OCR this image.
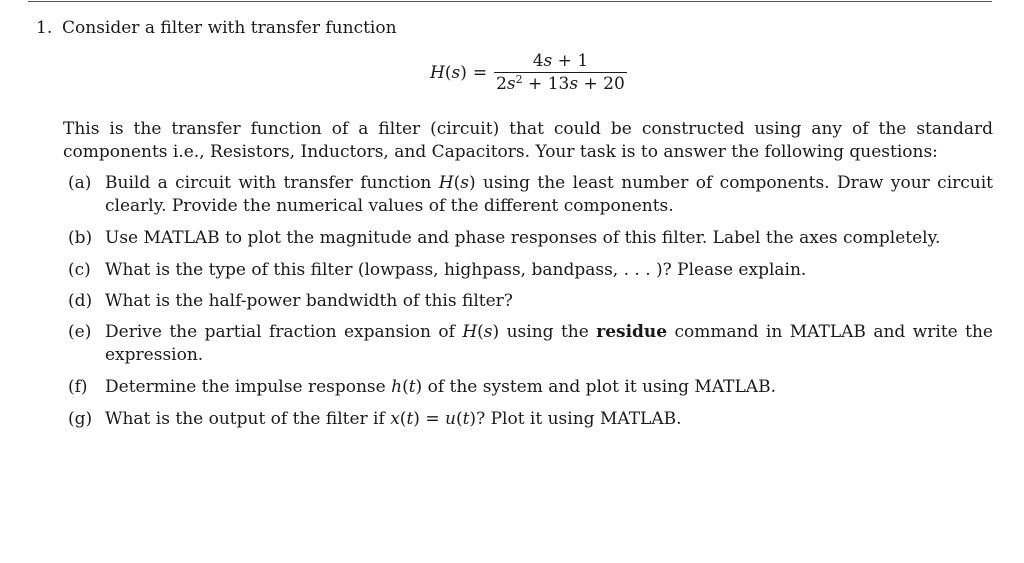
1. Consider a filter with transfer function
$H(s) = \frac{4s + 1}{2s^2 + 13s + 20}$
This is the transfer function of a filter (circuit) that could be constructed using any of the standard components i.e., Resistors, Inductors, and Capacitors. Your task is to answer the following questions:
(a) Build a circuit with transfer function H(s) using the least number of components. Draw your circuit clearly. Provide the numerical values of the different components.
(b) Use MATLAB to plot the magnitude and phase responses of this filter. Label the axes completely.
(c) What is the type of this filter (lowpass, highpass, bandpass, . . . )? Please explain.
(d) What is the half-power bandwidth of this filter?
(e) Derive the partial fraction expansion of H(s) using the residue command in MATLAB and write the expression.
(f)	Determine the impulse response h(t) of the system and plot it using MATLAB.
(g) What is the output of the filter if x(t) = u(t)? Plot it using MATLAB.
